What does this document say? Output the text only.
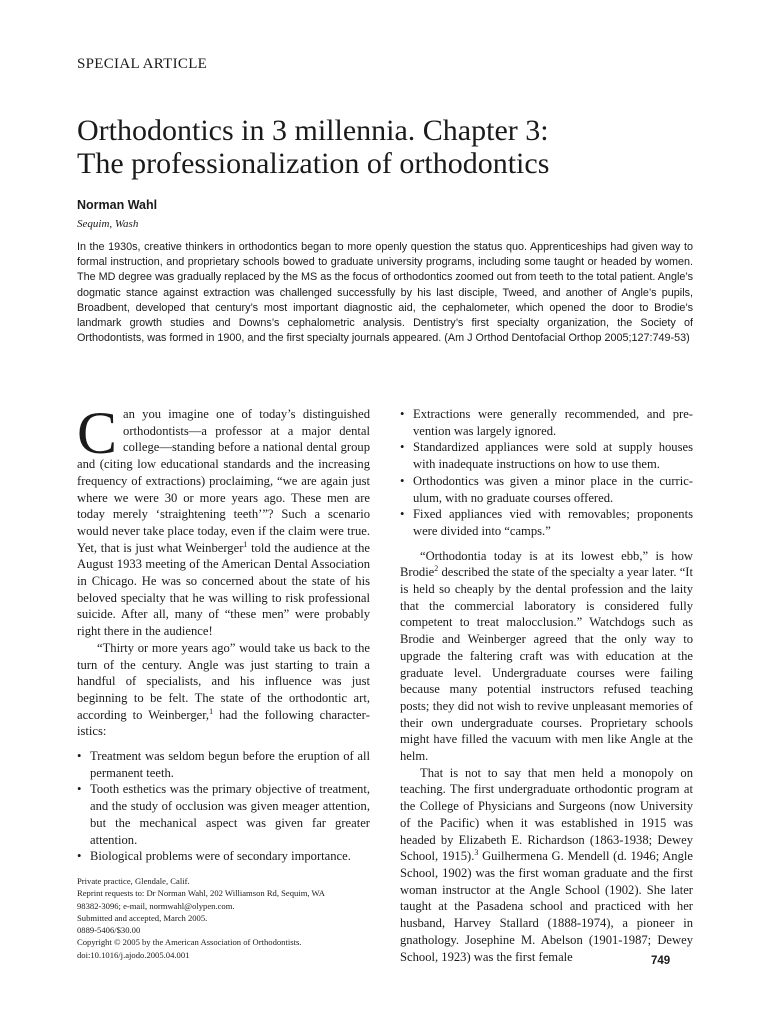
SPECIAL ARTICLE
Orthodontics in 3 millennia. Chapter 3:
The professionalization of orthodontics
Norman Wahl
Sequim, Wash

In the 1930s, creative thinkers in orthodontics began to more openly question the status quo. Apprenticeships had given way to formal instruction, and proprietary schools bowed to graduate university programs, including some taught or headed by women. The MD degree was gradually replaced by the MS as the focus of orthodontics zoomed out from teeth to the total patient. Angle’s dogmatic stance against extraction was challenged successfully by his last disciple, Tweed, and another of Angle’s pupils, Broadbent, developed that century’s most important diagnostic aid, the cephalometer, which opened the door to Brodie’s landmark growth studies and Downs’s cephalometric analysis. Dentistry’s first specialty organization, the Society of Orthodontists, was formed in 1900, and the first specialty journals appeared. (Am J Orthod Dentofacial Orthop 2005;127:749-53)

Can you imagine one of today’s distinguished orthodontists—a professor at a major dental college—standing before a national dental group and (citing low educational standards and the increasing frequency of extractions) proclaiming, “we are again just where we were 30 or more years ago. These men are today merely ‘straightening teeth’”? Such a scenario would never take place today, even if the claim were true. Yet, that is just what Weinberger$^1$ told the audience at the August 1933 meeting of the American Dental Association in Chicago. He was so concerned about the state of his beloved specialty that he was willing to risk professional suicide. After all, many of “these men” were probably right there in the audience!

“Thirty or more years ago” would take us back to the turn of the century. Angle was just starting to train a handful of specialists, and his influence was just beginning to be felt. The state of the orthodontic art, according to Weinberger,$^1$ had the following characteristics:

• Treatment was seldom begun before the eruption of all permanent teeth.
• Tooth esthetics was the primary objective of treatment, and the study of occlusion was given meager attention, but the mechanical aspect was given far greater attention.
• Biological problems were of secondary importance.
Private practice, Glendale, Calif.
Reprint requests to: Dr Norman Wahl, 202 Williamson Rd, Sequim, WA
98382-3096; e-mail, normwahl@olypen.com.
Submitted and accepted, March 2005.
0889-5406/$30.00
Copyright © 2005 by the American Association of Orthodontists.
doi:10.1016/j.ajodo.2005.04.001
• Extractions were generally recommended, and prevention was largely ignored.
• Standardized appliances were sold at supply houses with inadequate instructions on how to use them.
• Orthodontics was given a minor place in the curriculum, with no graduate courses offered.
• Fixed appliances vied with removables; proponents were divided into “camps.”

“Orthodontia today is at its lowest ebb,” is how Brodie$^2$ described the state of the specialty a year later. “It is held so cheaply by the dental profession and the laity that the commercial laboratory is considered fully competent to treat malocclusion.” Watchdogs such as Brodie and Weinberger agreed that the only way to upgrade the faltering craft was with education at the graduate level. Undergraduate courses were failing because many potential instructors refused teaching posts; they did not wish to revive unpleasant memories of their own undergraduate courses. Proprietary schools might have filled the vacuum with men like Angle at the helm.

That is not to say that men held a monopoly on teaching. The first undergraduate orthodontic program at the College of Physicians and Surgeons (now University of the Pacific) when it was established in 1915 was headed by Elizabeth E. Richardson (1863-1938; Dewey School, 1915).$^3$ Guilhermena G. Mendell (d. 1946; Angle School, 1902) was the first woman graduate and the first woman instructor at the Angle School (1902). She later taught at the Pasadena school and practiced with her husband, Harvey Stallard (1888-1974), a pioneer in gnathology. Josephine M. Abelson (1901-1987; Dewey School, 1923) was the first female	749
